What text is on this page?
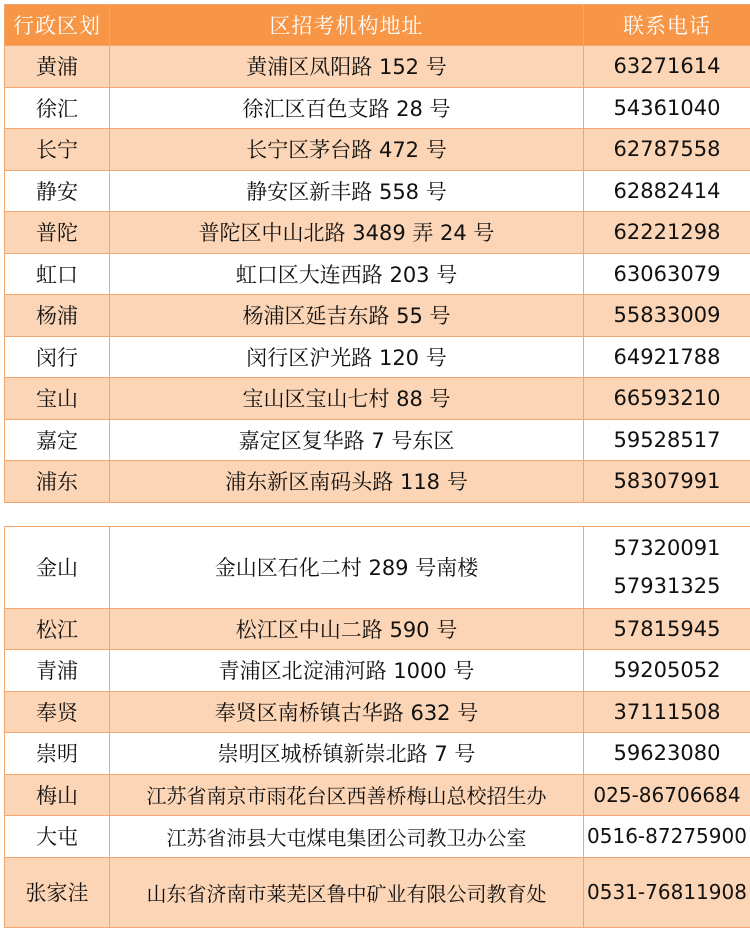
行政区划	区招考机构地址	联系电话
黄浦	黄浦区凤阳路 152 号	63271614
徐汇	徐汇区百色支路 28 号	54361040
长宁	长宁区茅台路 472 号	62787558
静安	静安区新丰路 558 号	62882414
普陀	普陀区中山北路 3489 弄 24 号	62221298
虹口	虹口区大连西路 203 号	63063079
杨浦	杨浦区延吉东路 55 号	55833009
闵行	闵行区沪光路 120 号	64921788
宝山	宝山区宝山七村 88 号	66593210
嘉定	嘉定区复华路 7 号东区	59528517
浦东	浦东新区南码头路 118 号	58307991
金山	金山区石化二村 289 号南楼	57320091
57931325

松江	松江区中山二路 590 号	57815945
青浦	青浦区北淀浦河路 1000 号	59205052
奉贤	奉贤区南桥镇古华路 632 号	37111508
崇明	崇明区城桥镇新崇北路 7 号	59623080
梅山	江苏省南京市雨花台区西善桥梅山总校招生办	025-86706684
大屯	江苏省沛县大屯煤电集团公司教卫办公室	0516-87275900
张家洼	山东省济南市莱芜区鲁中矿业有限公司教育处	0531-76811908
